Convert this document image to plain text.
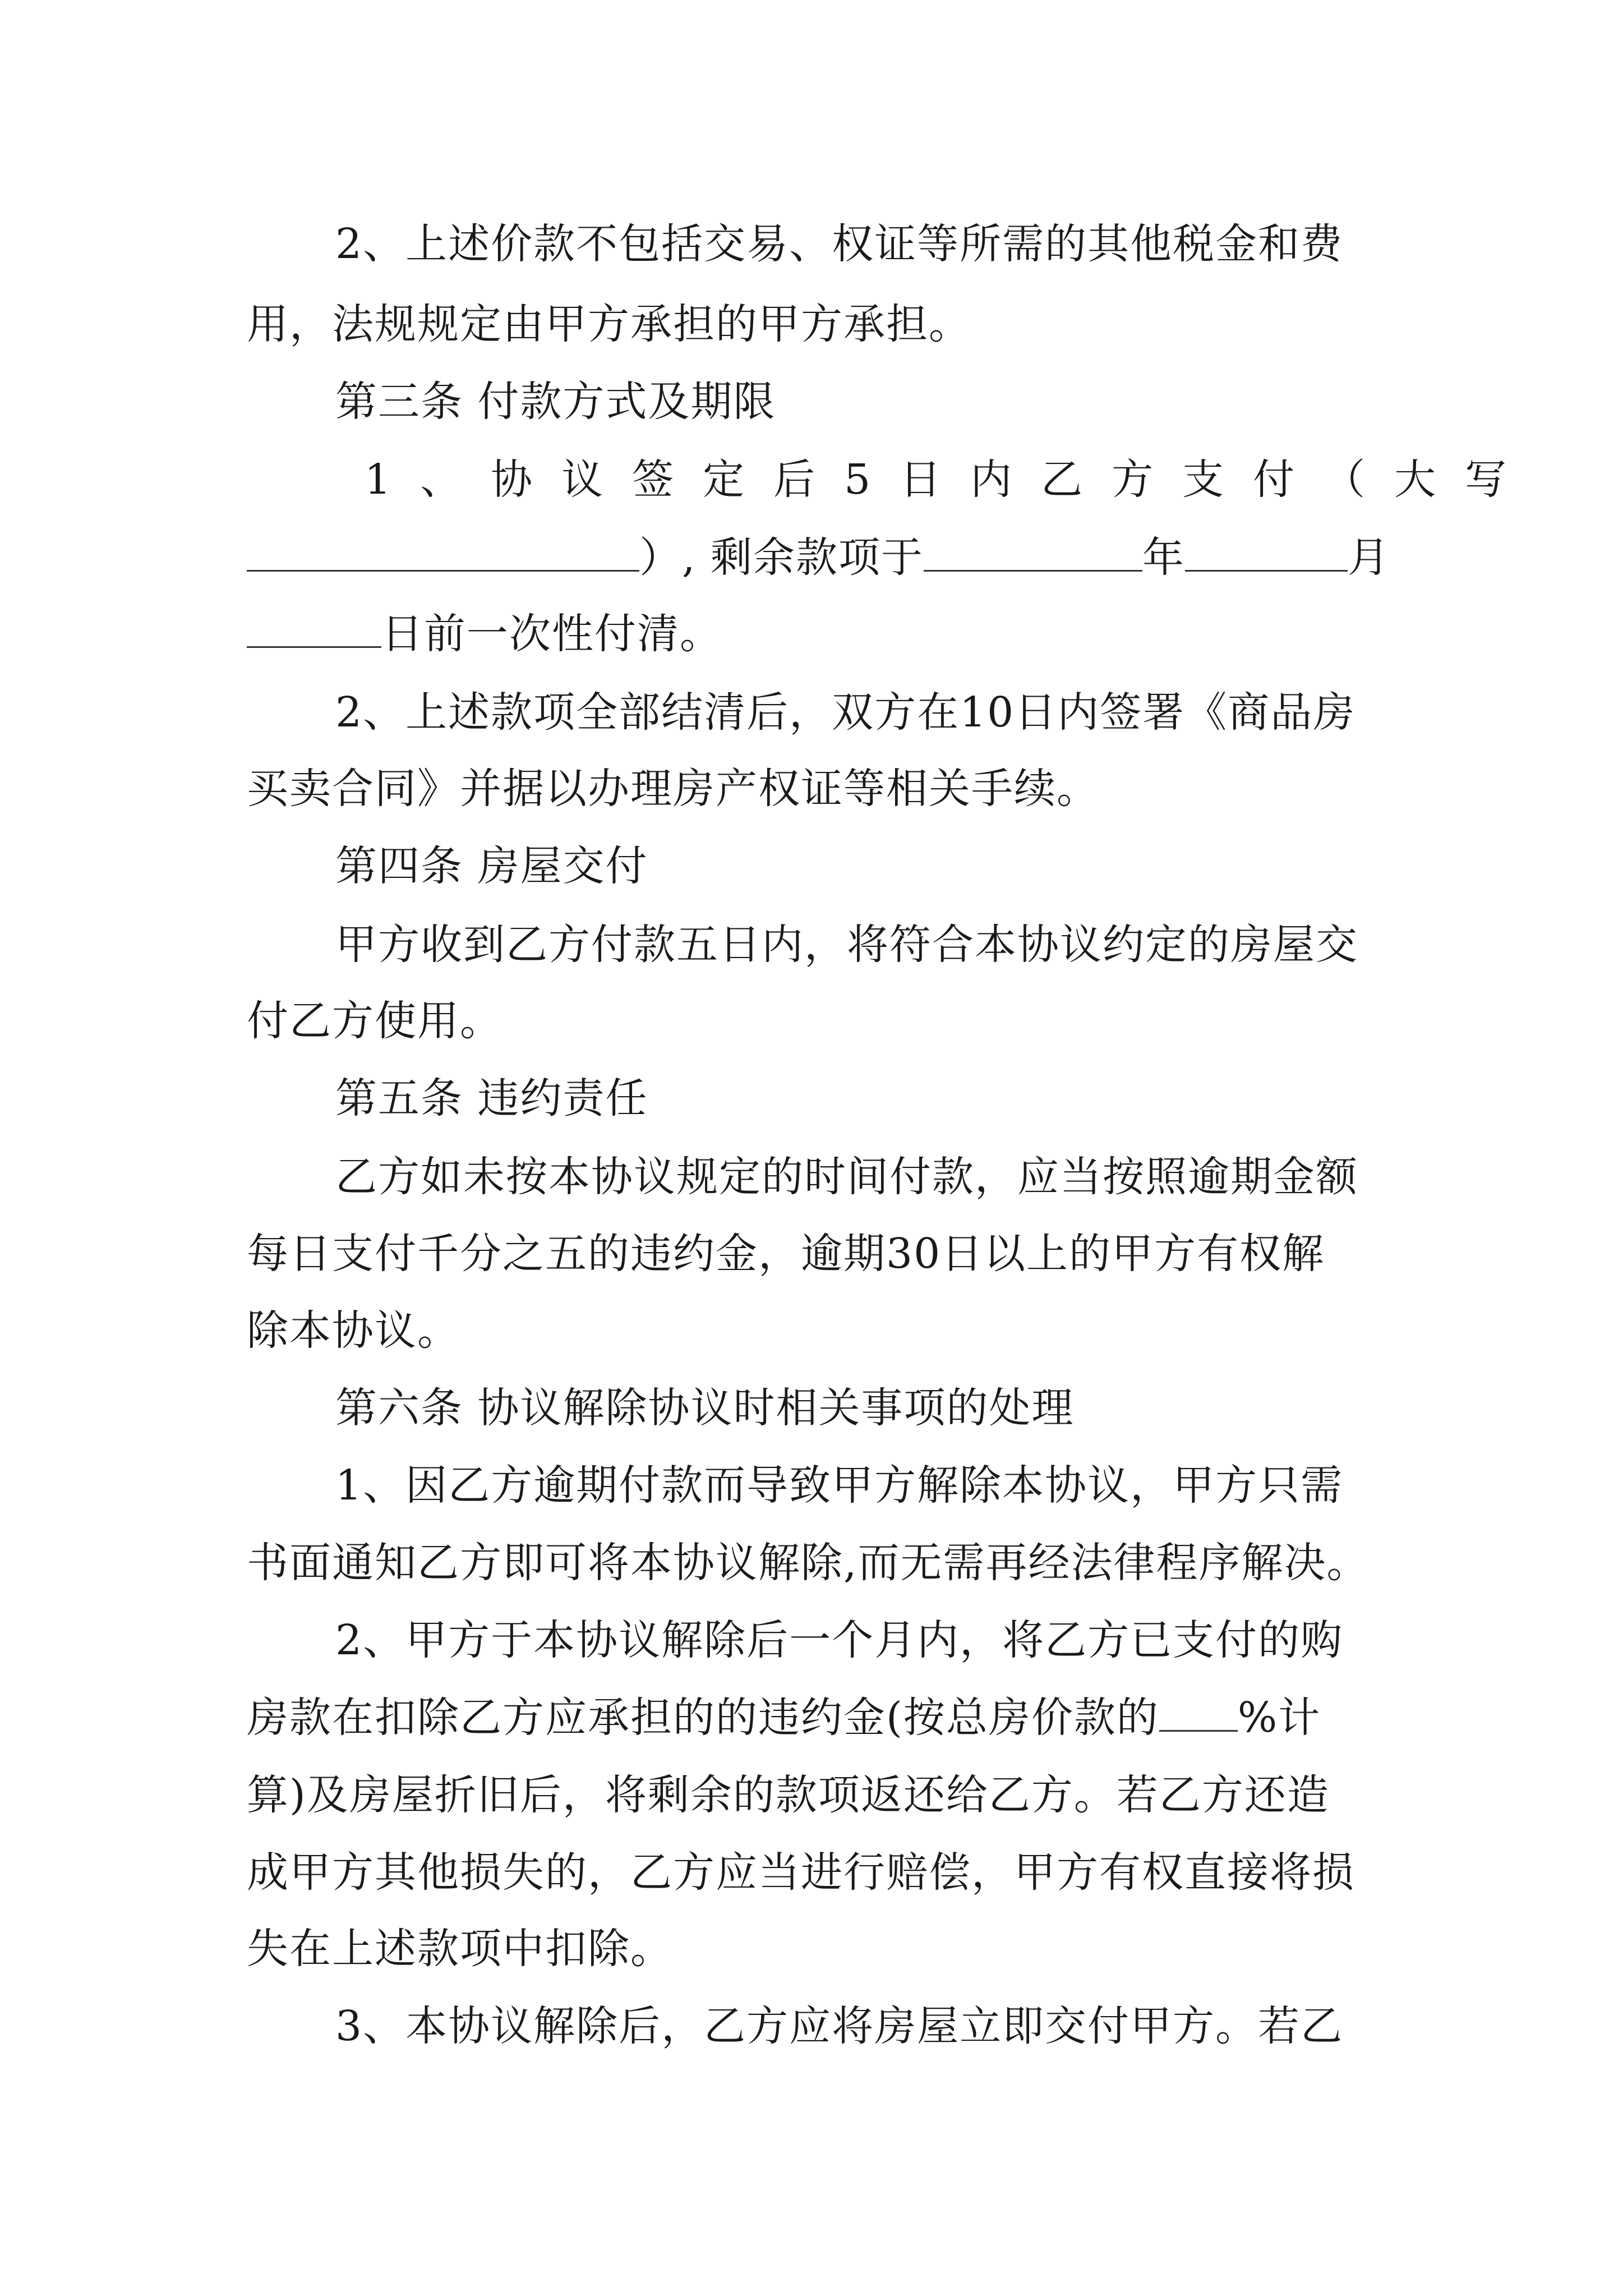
2、上述价款不包括交易、权证等所需的其他税金和费
用，法规规定由甲方承担的甲方承担。
第三条 付款方式及期限
1、协议签定后5日内乙方支付（大写
）, 剩余款项于	年	月
日前一次性付清。
2、上述款项全部结清后，双方在10日内签署《商品房
买卖合同》并据以办理房产权证等相关手续。
第四条 房屋交付
甲方收到乙方付款五日内，将符合本协议约定的房屋交
付乙方使用。
第五条 违约责任
乙方如未按本协议规定的时间付款，应当按照逾期金额
每日支付千分之五的违约金，逾期30日以上的甲方有权解
除本协议。
第六条 协议解除协议时相关事项的处理
1、因乙方逾期付款而导致甲方解除本协议，甲方只需
书面通知乙方即可将本协议解除,而无需再经法律程序解决。
2、甲方于本协议解除后一个月内，将乙方已支付的购
房款在扣除乙方应承担的的违约金(按总房价款的 %计
算)及房屋折旧后，将剩余的款项返还给乙方。若乙方还造
成甲方其他损失的，乙方应当进行赔偿，甲方有权直接将损
失在上述款项中扣除。
3、本协议解除后，乙方应将房屋立即交付甲方。若乙
